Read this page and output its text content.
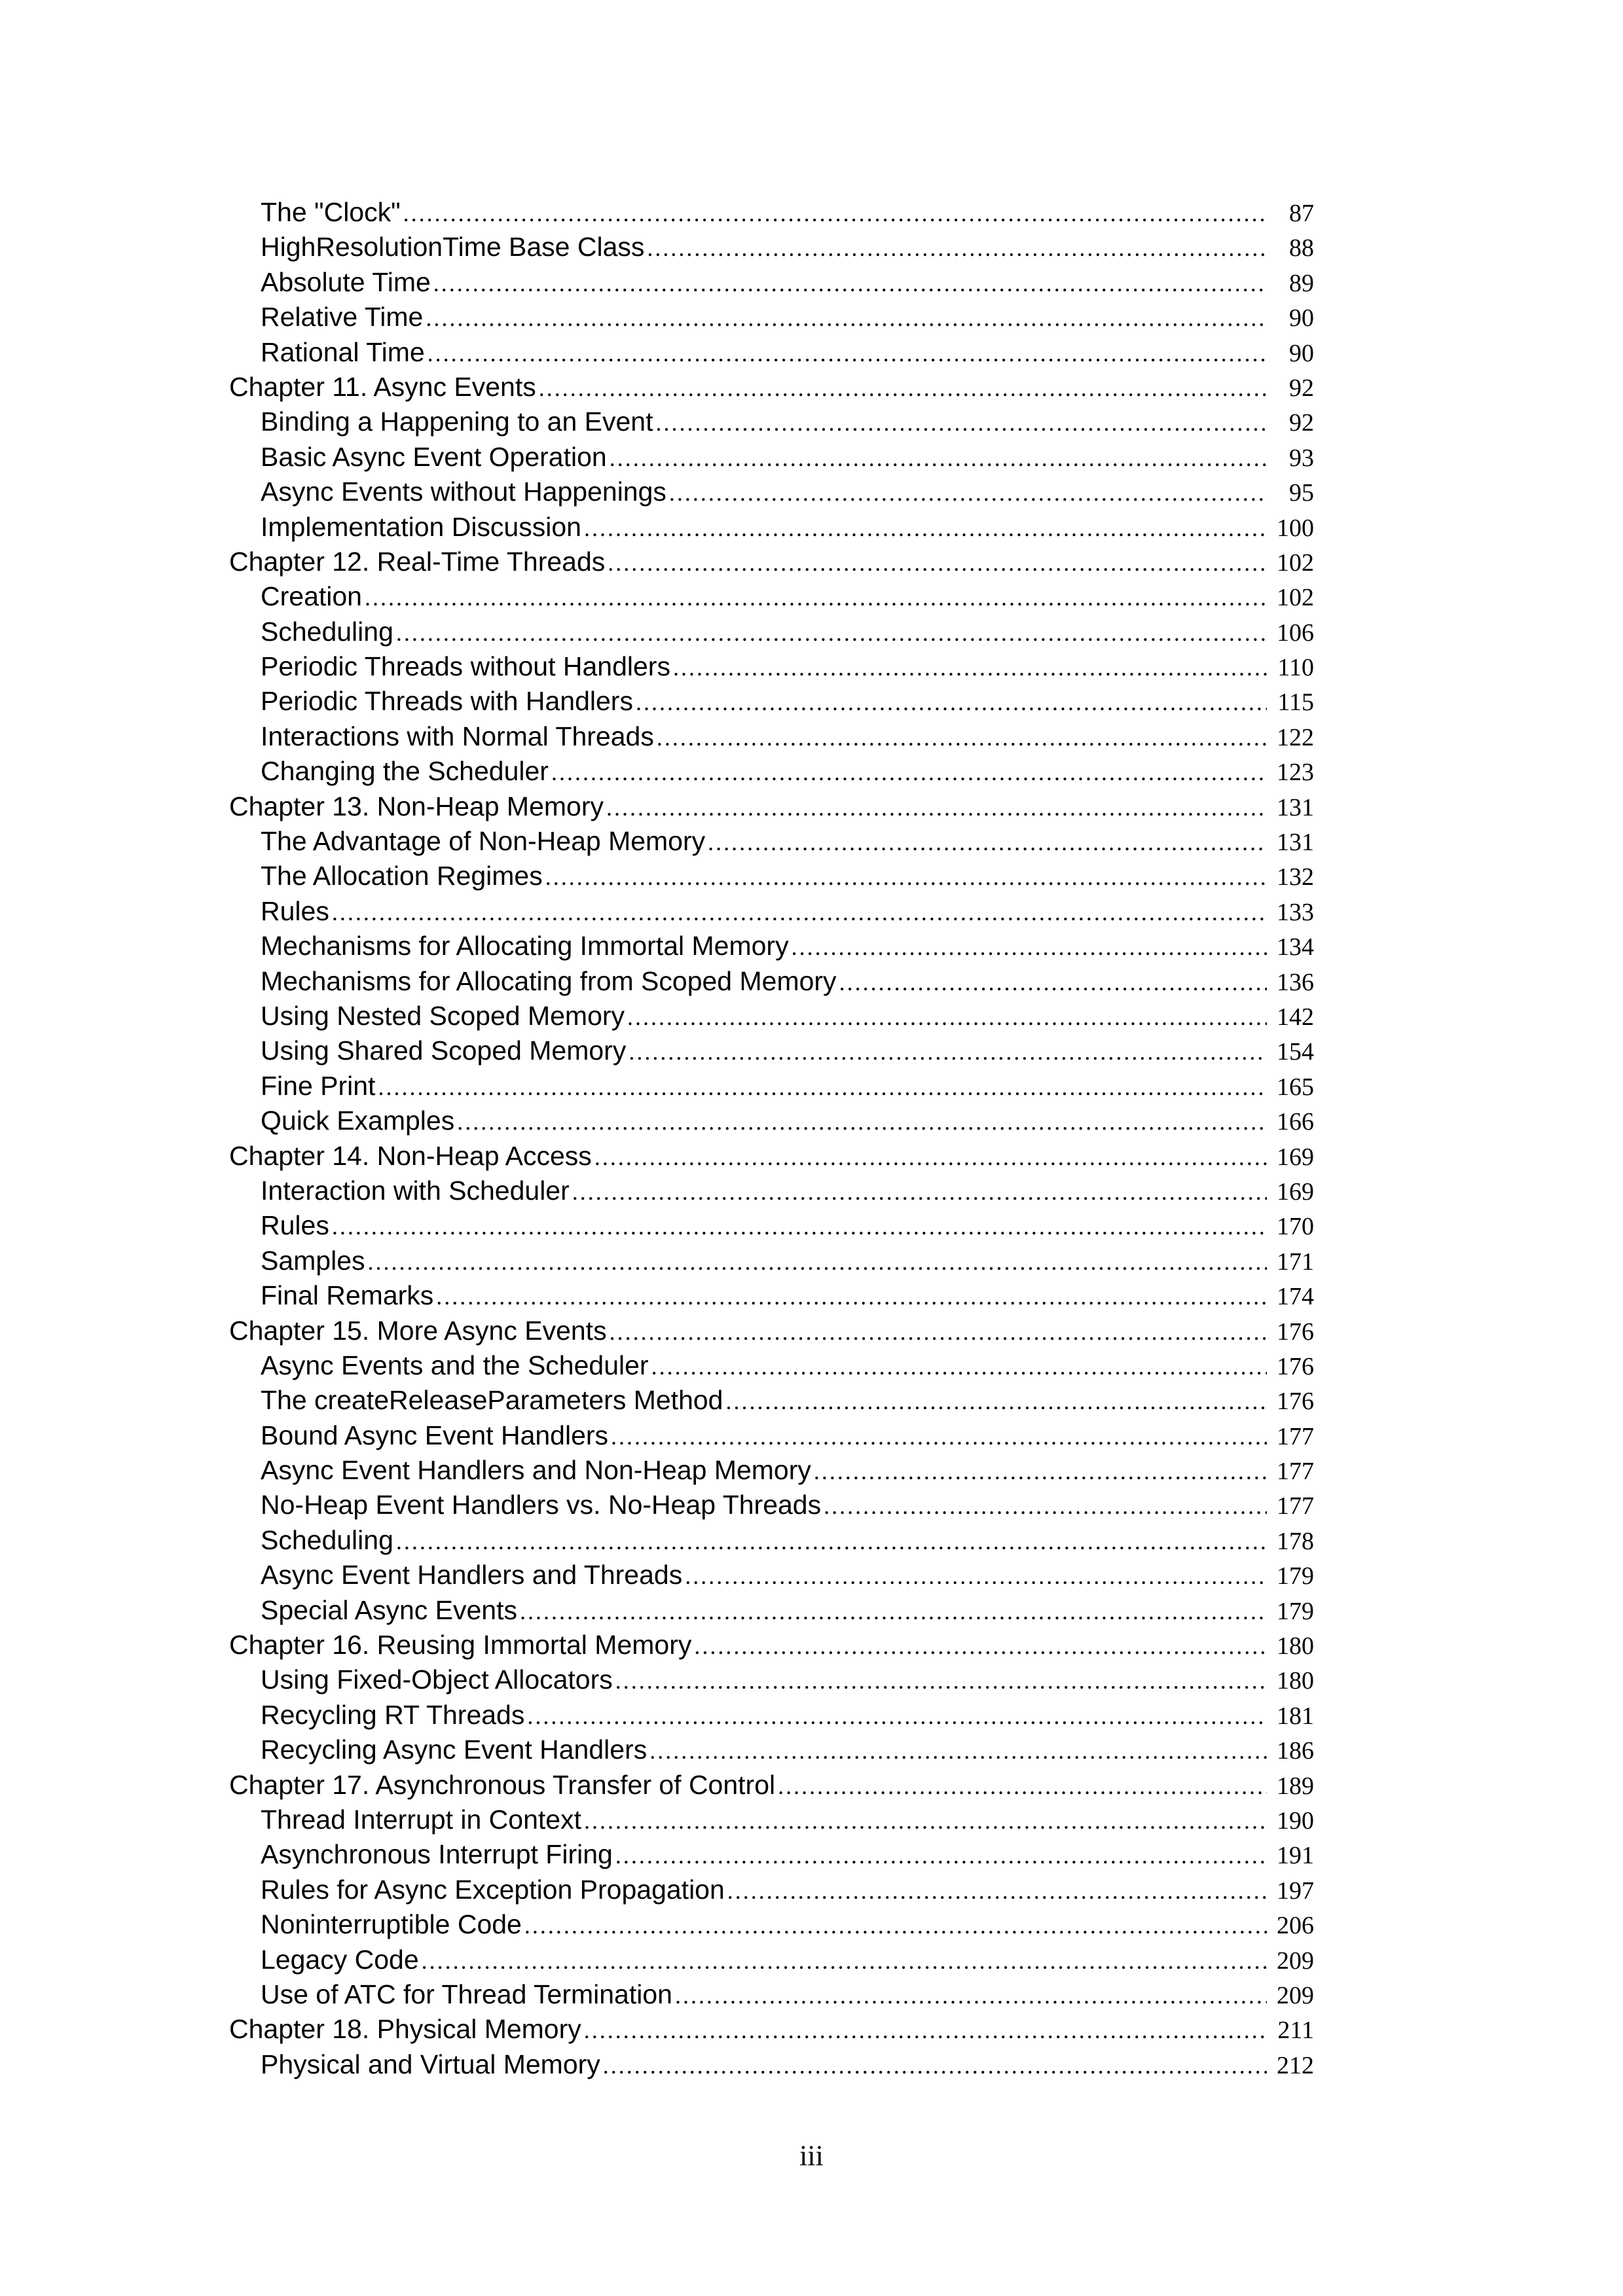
The "Clock" .....	87
HighResolutionTime Base Class .....	88
Absolute Time .....	89
Relative Time .....	90
Rational Time .....	90
Chapter 11. Async Events .....	92
Binding a Happening to an Event .....	92
Basic Async Event Operation .....	93
Async Events without Happenings .....	95
Implementation Discussion .....	100
Chapter 12. Real-Time Threads .....	102
Creation .....	102
Scheduling .....	106
Periodic Threads without Handlers .....	110
Periodic Threads with Handlers .....	115
Interactions with Normal Threads .....	122
Changing the Scheduler .....	123
Chapter 13. Non-Heap Memory .....	131
The Advantage of Non-Heap Memory .....	131
The Allocation Regimes .....	132
Rules .....	133
Mechanisms for Allocating Immortal Memory .....	134
Mechanisms for Allocating from Scoped Memory .....	136
Using Nested Scoped Memory .....	142
Using Shared Scoped Memory .....	154
Fine Print .....	165
Quick Examples .....	166
Chapter 14. Non-Heap Access .....	169
Interaction with Scheduler .....	169
Rules .....	170
Samples .....	171
Final Remarks .....	174
Chapter 15. More Async Events .....	176
Async Events and the Scheduler .....	176
The createReleaseParameters Method .....	176
Bound Async Event Handlers .....	177
Async Event Handlers and Non-Heap Memory .....	177
No-Heap Event Handlers vs. No-Heap Threads .....	177
Scheduling .....	178
Async Event Handlers and Threads .....	179
Special Async Events .....	179
Chapter 16. Reusing Immortal Memory .....	180
Using Fixed-Object Allocators .....	180
Recycling RT Threads .....	181
Recycling Async Event Handlers .....	186
Chapter 17. Asynchronous Transfer of Control .....	189
Thread Interrupt in Context .....	190
Asynchronous Interrupt Firing .....	191
Rules for Async Exception Propagation .....	197
Noninterruptible Code .....	206
Legacy Code .....	209
Use of ATC for Thread Termination .....	209
Chapter 18. Physical Memory .....	211
Physical and Virtual Memory .....	212
iii
